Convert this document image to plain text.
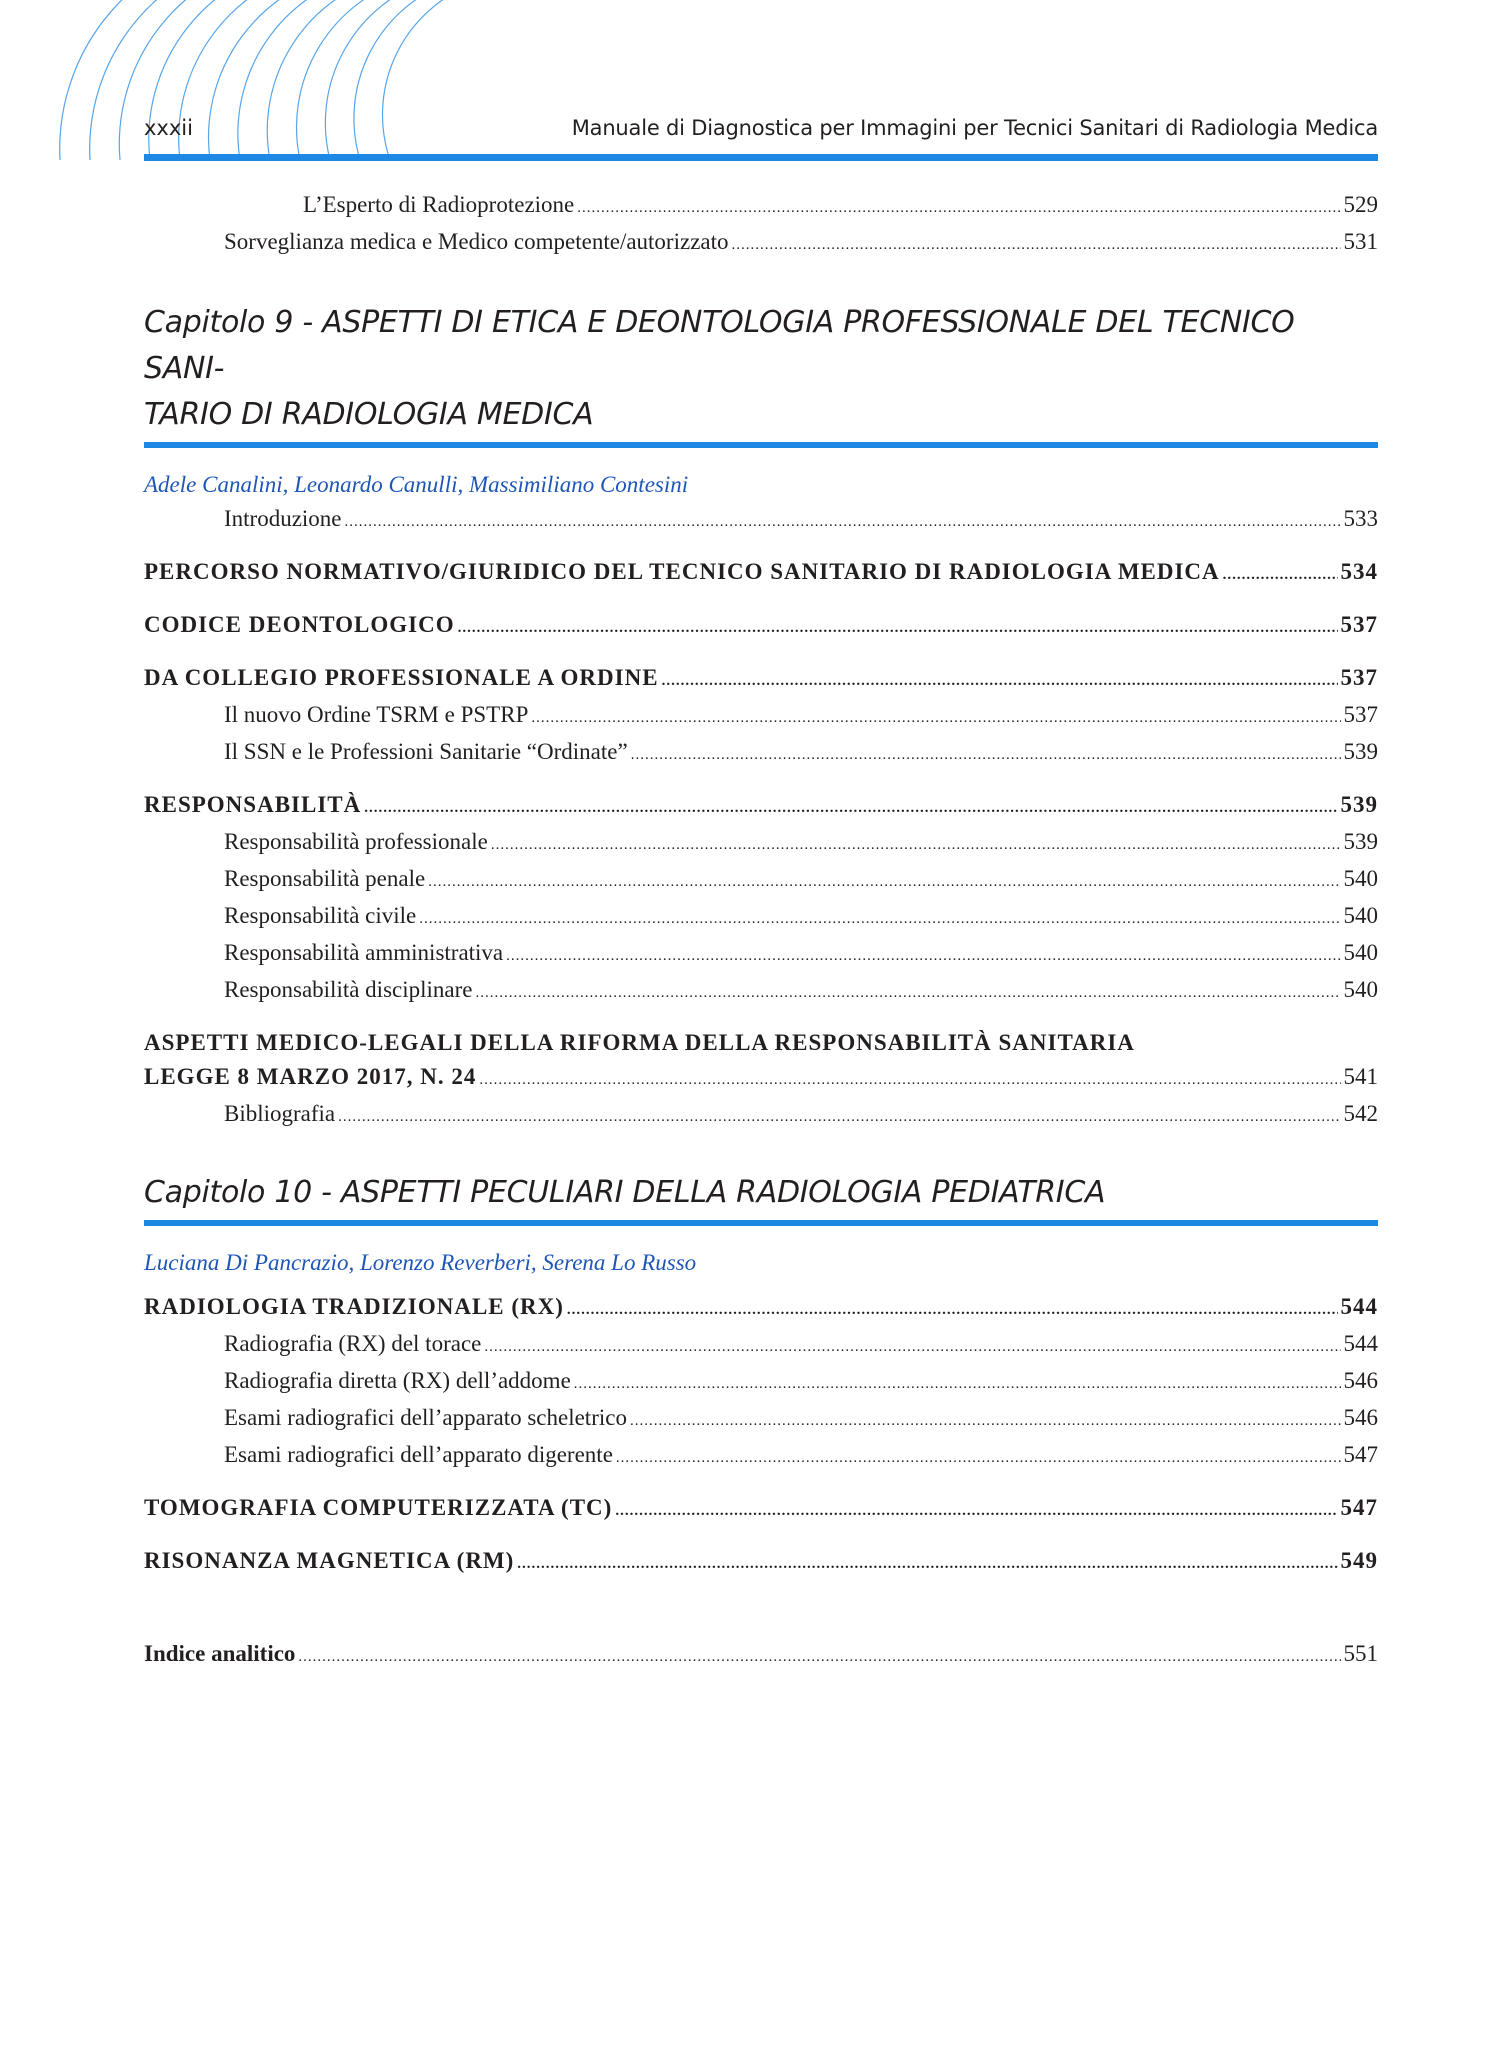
xxxii	Manuale di Diagnostica per Immagini per Tecnici Sanitari di Radiologia Medica
L’Esperto di Radioprotezione .....	529
Sorveglianza medica e Medico competente/autorizzato .....	531
Capitolo 9 - ASPETTI DI ETICA E DEONTOLOGIA PROFESSIONALE DEL TECNICO SANI-
TARIO DI RADIOLOGIA MEDICA
Adele Canalini, Leonardo Canulli, Massimiliano Contesini
Introduzione .....	533
PERCORSO NORMATIVO/GIURIDICO DEL TECNICO SANITARIO DI RADIOLOGIA MEDICA .....	534
CODICE DEONTOLOGICO .....	537
DA COLLEGIO PROFESSIONALE A ORDINE .....	537
Il nuovo Ordine TSRM e PSTRP .....	537
Il SSN e le Professioni Sanitarie “Ordinate” .....	539
RESPONSABILITÀ .....	539
Responsabilità professionale .....	539
Responsabilità penale .....	540
Responsabilità civile .....	540
Responsabilità amministrativa .....	540
Responsabilità disciplinare .....	540
ASPETTI MEDICO-LEGALI DELLA RIFORMA DELLA RESPONSABILITÀ SANITARIA
LEGGE 8 MARZO 2017, N. 24 .....	541
Bibliografia .....	542
Capitolo 10 - ASPETTI PECULIARI DELLA RADIOLOGIA PEDIATRICA
Luciana Di Pancrazio, Lorenzo Reverberi, Serena Lo Russo
RADIOLOGIA TRADIZIONALE (RX) .....	544
Radiografia (RX) del torace .....	544
Radiografia diretta (RX) dell’addome .....	546
Esami radiografici dell’apparato scheletrico .....	546
Esami radiografici dell’apparato digerente .....	547
TOMOGRAFIA COMPUTERIZZATA (TC) .....	547
RISONANZA MAGNETICA (RM) .....	549
Indice analitico .....	551
